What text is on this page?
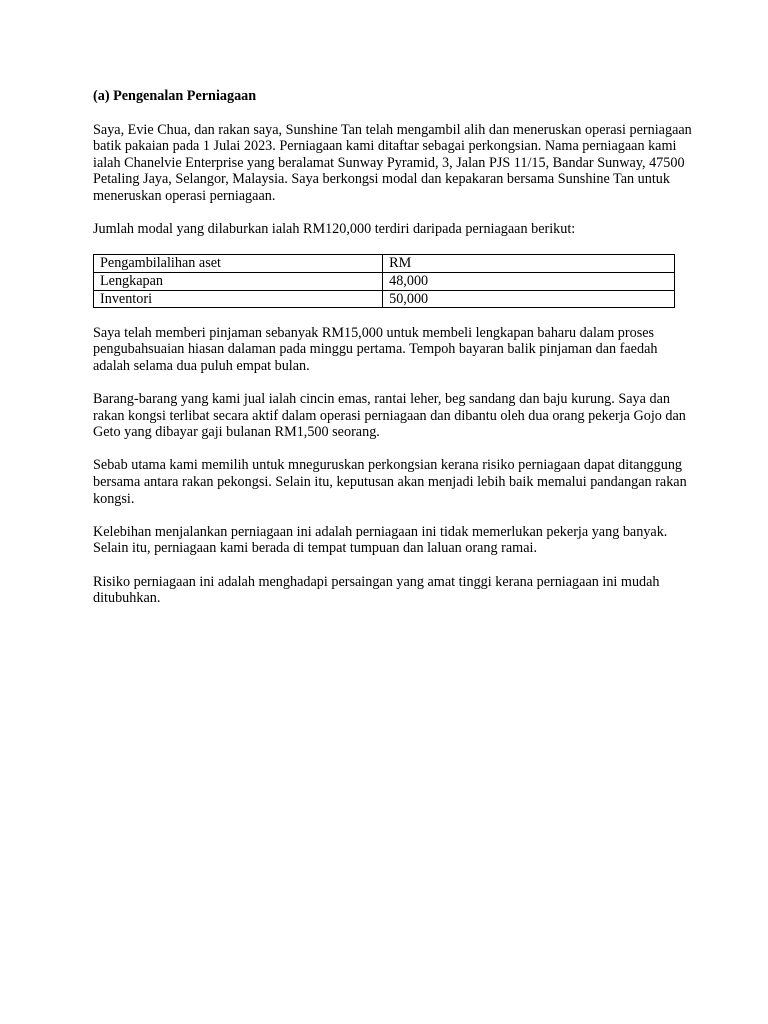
(a) Pengenalan Perniagaan

Saya, Evie Chua, dan rakan saya, Sunshine Tan telah mengambil alih dan meneruskan operasi perniagaan batik pakaian pada 1 Julai 2023. Perniagaan kami ditaftar sebagai perkongsian. Nama perniagaan kami ialah Chanelvie Enterprise yang beralamat Sunway Pyramid, 3, Jalan PJS 11/15, Bandar Sunway, 47500 Petaling Jaya, Selangor, Malaysia. Saya berkongsi modal dan kepakaran bersama Sunshine Tan untuk meneruskan operasi perniagaan.

Jumlah modal yang dilaburkan ialah RM120,000 terdiri daripada perniagaan berikut:

Pengambilalihan aset	RM
Lengkapan	48,000
Inventori	50,000

Saya telah memberi pinjaman sebanyak RM15,000 untuk membeli lengkapan baharu dalam proses pengubahsuaian hiasan dalaman pada minggu pertama. Tempoh bayaran balik pinjaman dan faedah adalah selama dua puluh empat bulan.

Barang-barang yang kami jual ialah cincin emas, rantai leher, beg sandang dan baju kurung. Saya dan rakan kongsi terlibat secara aktif dalam operasi perniagaan dan dibantu oleh dua orang pekerja Gojo dan Geto yang dibayar gaji bulanan RM1,500 seorang.

Sebab utama kami memilih untuk mneguruskan perkongsian kerana risiko perniagaan dapat ditanggung bersama antara rakan pekongsi. Selain itu, keputusan akan menjadi lebih baik memalui pandangan rakan kongsi.

Kelebihan menjalankan perniagaan ini adalah perniagaan ini tidak memerlukan pekerja yang banyak. Selain itu, perniagaan kami berada di tempat tumpuan dan laluan orang ramai.

Risiko perniagaan ini adalah menghadapi persaingan yang amat tinggi kerana perniagaan ini mudah ditubuhkan.
